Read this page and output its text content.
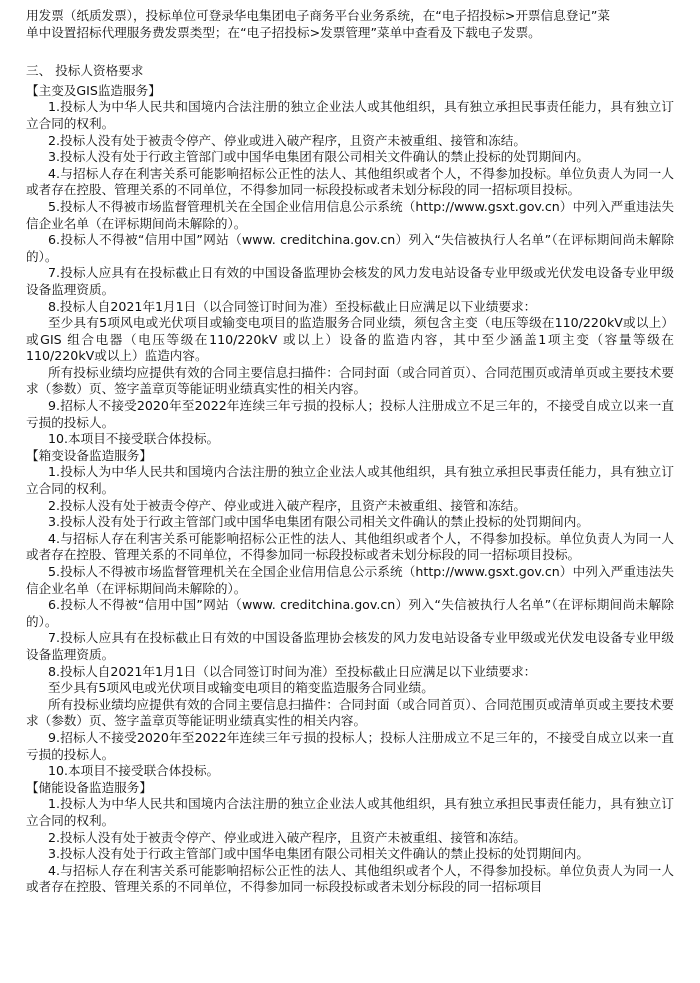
用发票（纸质发票），投标单位可登录华电集团电子商务平台业务系统，在“电子招投标>开票信息登记”菜
单中设置招标代理服务费发票类型；在“电子招投标>发票管理”菜单中查看及下载电子发票。
三、 投标人资格要求
【主变及GIS监造服务】
1.投标人为中华人民共和国境内合法注册的独立企业法人或其他组织，具有独立承担民事责任能力，具有独立订立合同的权利。
2.投标人没有处于被责令停产、停业或进入破产程序，且资产未被重组、接管和冻结。
3.投标人没有处于行政主管部门或中国华电集团有限公司相关文件确认的禁止投标的处罚期间内。
4.与招标人存在利害关系可能影响招标公正性的法人、其他组织或者个人，不得参加投标。单位负责人为同一人或者存在控股、管理关系的不同单位，不得参加同一标段投标或者未划分标段的同一招标项目投标。
5.投标人不得被市场监督管理机关在全国企业信用信息公示系统（http://www.gsxt.gov.cn）中列入严重违法失信企业名单（在评标期间尚未解除的）。
6.投标人不得被“信用中国”网站（www. creditchina.gov.cn）列入“失信被执行人名单”（在评标期间尚未解除的）。
7.投标人应具有在投标截止日有效的中国设备监理协会核发的风力发电站设备专业甲级或光伏发电设备专业甲级设备监理资质。
8.投标人自2021年1月1日（以合同签订时间为准）至投标截止日应满足以下业绩要求：
至少具有5项风电或光伏项目或输变电项目的监造服务合同业绩，须包含主变（电压等级在110/220kV或以上）或GIS 组合电器（电压等级在110/220kV 或以上）设备的监造内容，其中至少涵盖1项主变（容量等级在110/220kV或以上）监造内容。
所有投标业绩均应提供有效的合同主要信息扫描件：合同封面（或合同首页）、合同范围页或清单页或主要技术要求（参数）页、签字盖章页等能证明业绩真实性的相关内容。
9.招标人不接受2020年至2022年连续三年亏损的投标人；投标人注册成立不足三年的，不接受自成立以来一直亏损的投标人。
10.本项目不接受联合体投标。
【箱变设备监造服务】
1.投标人为中华人民共和国境内合法注册的独立企业法人或其他组织，具有独立承担民事责任能力，具有独立订立合同的权利。
2.投标人没有处于被责令停产、停业或进入破产程序，且资产未被重组、接管和冻结。
3.投标人没有处于行政主管部门或中国华电集团有限公司相关文件确认的禁止投标的处罚期间内。
4.与招标人存在利害关系可能影响招标公正性的法人、其他组织或者个人，不得参加投标。单位负责人为同一人或者存在控股、管理关系的不同单位，不得参加同一标段投标或者未划分标段的同一招标项目投标。
5.投标人不得被市场监督管理机关在全国企业信用信息公示系统（http://www.gsxt.gov.cn）中列入严重违法失信企业名单（在评标期间尚未解除的）。
6.投标人不得被“信用中国”网站（www. creditchina.gov.cn）列入“失信被执行人名单”（在评标期间尚未解除的）。
7.投标人应具有在投标截止日有效的中国设备监理协会核发的风力发电站设备专业甲级或光伏发电设备专业甲级设备监理资质。
8.投标人自2021年1月1日（以合同签订时间为准）至投标截止日应满足以下业绩要求：
至少具有5项风电或光伏项目或输变电项目的箱变监造服务合同业绩。
所有投标业绩均应提供有效的合同主要信息扫描件：合同封面（或合同首页）、合同范围页或清单页或主要技术要求（参数）页、签字盖章页等能证明业绩真实性的相关内容。
9.招标人不接受2020年至2022年连续三年亏损的投标人；投标人注册成立不足三年的，不接受自成立以来一直亏损的投标人。
10.本项目不接受联合体投标。
【储能设备监造服务】
1.投标人为中华人民共和国境内合法注册的独立企业法人或其他组织，具有独立承担民事责任能力，具有独立订立合同的权利。
2.投标人没有处于被责令停产、停业或进入破产程序，且资产未被重组、接管和冻结。
3.投标人没有处于行政主管部门或中国华电集团有限公司相关文件确认的禁止投标的处罚期间内。
4.与招标人存在利害关系可能影响招标公正性的法人、其他组织或者个人，不得参加投标。单位负责人为同一人或者存在控股、管理关系的不同单位，不得参加同一标段投标或者未划分标段的同一招标项目
